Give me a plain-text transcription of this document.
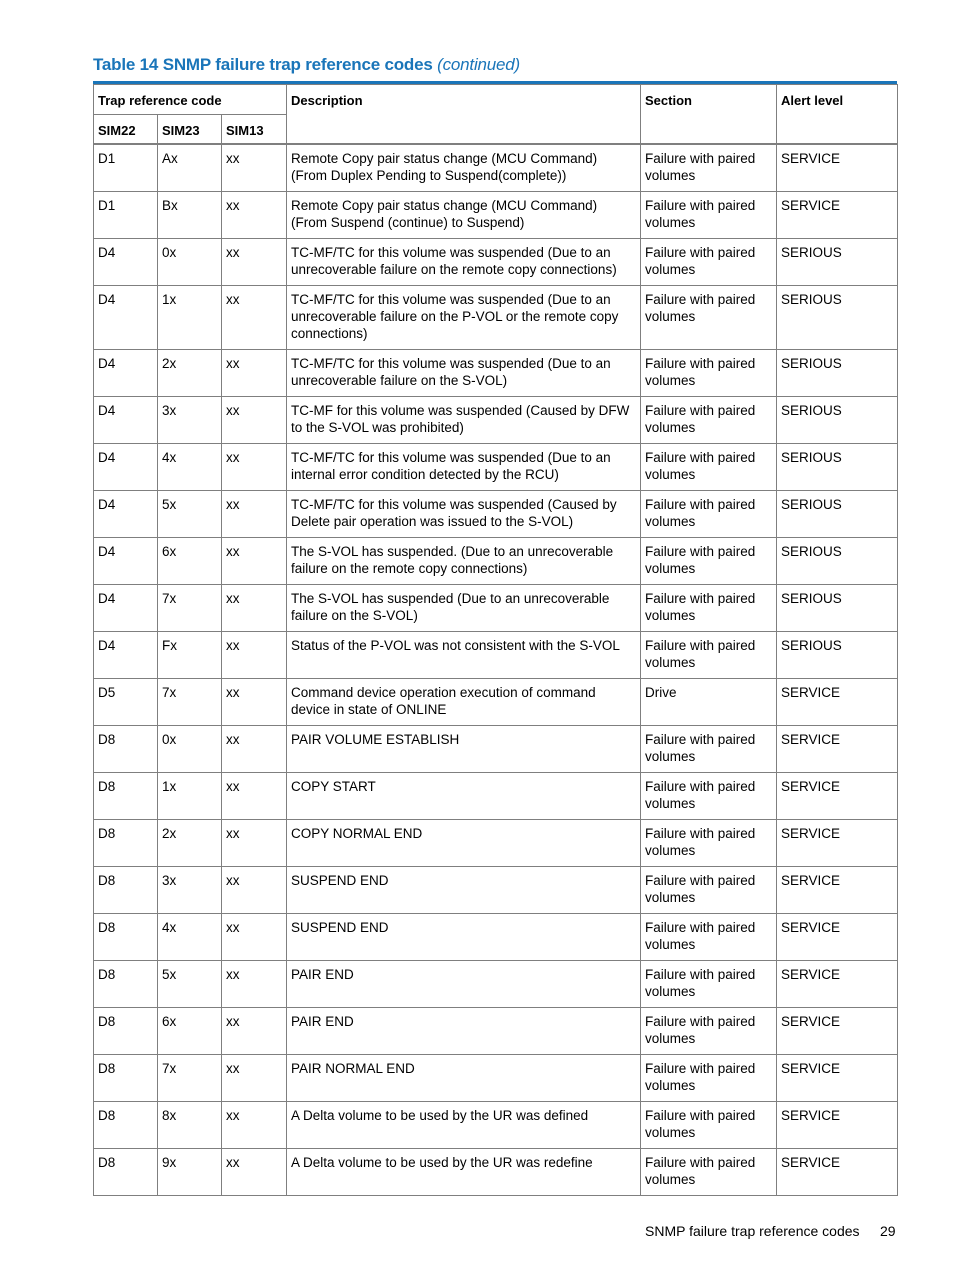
Table 14 SNMP failure trap reference codes (continued)
Trap reference code			Description	Section	Alert level
SIM22	SIM23	SIM13			
D1	Ax	xx	Remote Copy pair status change (MCU Command) (From Duplex Pending to Suspend(complete))	Failure with paired volumes	SERVICE
D1	Bx	xx	Remote Copy pair status change (MCU Command) (From Suspend (continue) to Suspend)	Failure with paired volumes	SERVICE
D4	0x	xx	TC-MF/TC for this volume was suspended (Due to an unrecoverable failure on the remote copy connections)	Failure with paired volumes	SERIOUS
D4	1x	xx	TC-MF/TC for this volume was suspended (Due to an unrecoverable failure on the P-VOL or the remote copy connections)	Failure with paired volumes	SERIOUS
D4	2x	xx	TC-MF/TC for this volume was suspended (Due to an unrecoverable failure on the S-VOL)	Failure with paired volumes	SERIOUS
D4	3x	xx	TC-MF for this volume was suspended (Caused by DFW to the S-VOL was prohibited)	Failure with paired volumes	SERIOUS
D4	4x	xx	TC-MF/TC for this volume was suspended (Due to an internal error condition detected by the RCU)	Failure with paired volumes	SERIOUS
D4	5x	xx	TC-MF/TC for this volume was suspended (Caused by Delete pair operation was issued to the S-VOL)	Failure with paired volumes	SERIOUS
D4	6x	xx	The S-VOL has suspended. (Due to an unrecoverable failure on the remote copy connections)	Failure with paired volumes	SERIOUS
D4	7x	xx	The S-VOL has suspended (Due to an unrecoverable failure on the S-VOL)	Failure with paired volumes	SERIOUS
D4	Fx	xx	Status of the P-VOL was not consistent with the S-VOL	Failure with paired volumes	SERIOUS
D5	7x	xx	Command device operation execution of command device in state of ONLINE	Drive	SERVICE
D8	0x	xx	PAIR VOLUME ESTABLISH	Failure with paired volumes	SERVICE
D8	1x	xx	COPY START	Failure with paired volumes	SERVICE
D8	2x	xx	COPY NORMAL END	Failure with paired volumes	SERVICE
D8	3x	xx	SUSPEND END	Failure with paired volumes	SERVICE
D8	4x	xx	SUSPEND END	Failure with paired volumes	SERVICE
D8	5x	xx	PAIR END	Failure with paired volumes	SERVICE
D8	6x	xx	PAIR END	Failure with paired volumes	SERVICE
D8	7x	xx	PAIR NORMAL END	Failure with paired volumes	SERVICE
D8	8x	xx	A Delta volume to be used by the UR was defined	Failure with paired volumes	SERVICE
D8	9x	xx	A Delta volume to be used by the UR was redefine	Failure with paired volumes	SERVICE
SNMP failure trap reference codes 29
